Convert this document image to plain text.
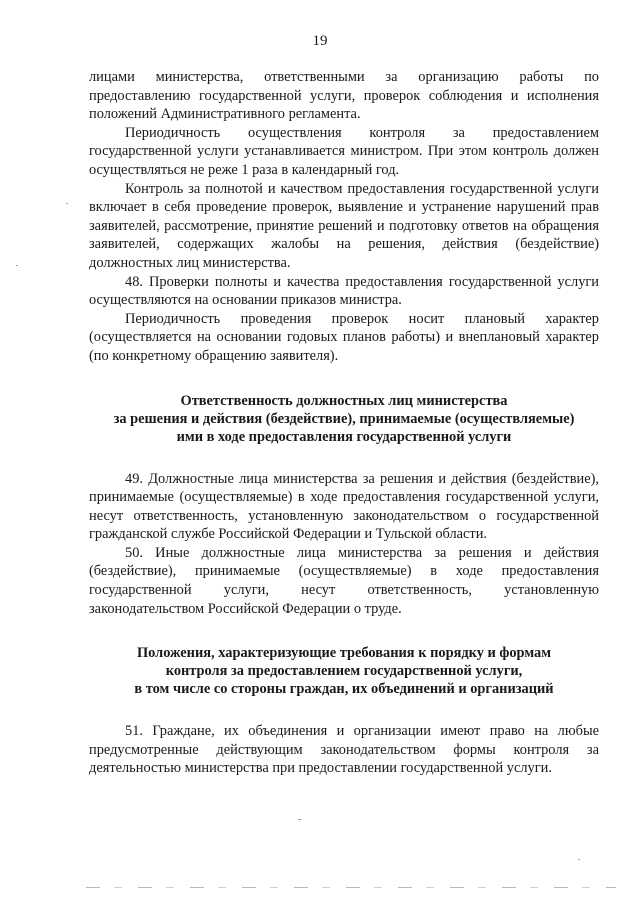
19

лицами министерства, ответственными за организацию работы по предоставлению государственной услуги, проверок соблюдения и исполнения положений Административного регламента.

Периодичность осуществления контроля за предоставлением государственной услуги устанавливается министром. При этом контроль должен осуществляться не реже 1 раза в календарный год.

Контроль за полнотой и качеством предоставления государственной услуги включает в себя проведение проверок, выявление и устранение нарушений прав заявителей, рассмотрение, принятие решений и подготовку ответов на обращения заявителей, содержащих жалобы на решения, действия (бездействие) должностных лиц министерства.

48. Проверки полноты и качества предоставления государственной услуги осуществляются на основании приказов министра.

Периодичность проведения проверок носит плановый характер (осуществляется на основании годовых планов работы) и внеплановый характер (по конкретному обращению заявителя).

Ответственность должностных лиц министерства
за решения и действия (бездействие), принимаемые (осуществляемые)
ими в ходе предоставления государственной услуги

49. Должностные лица министерства за решения и действия (бездействие), принимаемые (осуществляемые) в ходе предоставления государственной услуги, несут ответственность, установленную законодательством о государственной гражданской службе Российской Федерации и Тульской области.

50. Иные должностные лица министерства за решения и действия (бездействие), принимаемые (осуществляемые) в ходе предоставления государственной услуги, несут ответственность, установленную законодательством Российской Федерации о труде.

Положения, характеризующие требования к порядку и формам
контроля за предоставлением государственной услуги,
в том числе со стороны граждан, их объединений и организаций

51. Граждане, их объединения и организации имеют право на любые предусмотренные действующим законодательством формы контроля за деятельностью министерства при предоставлении государственной услуги.
